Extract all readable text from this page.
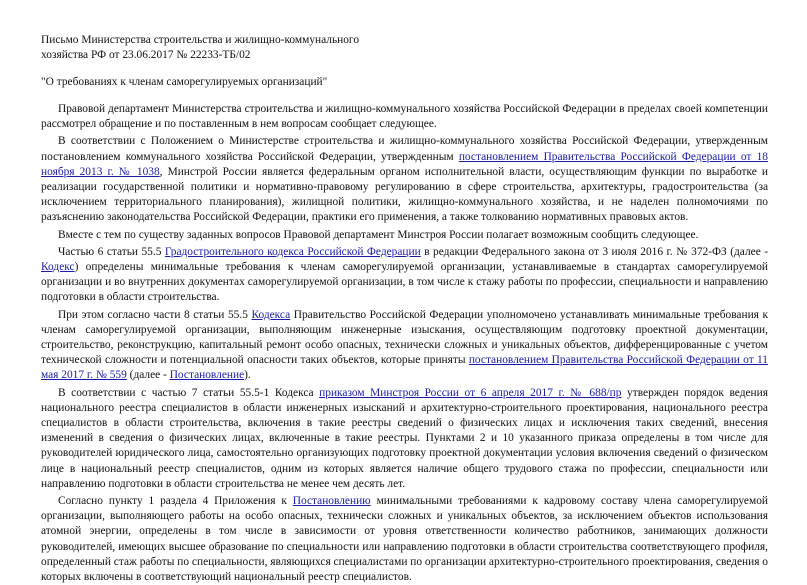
Письмо Министерства строительства и жилищно-коммунального
хозяйства РФ от 23.06.2017 № 22233-ТБ/02

"О требованиях к членам саморегулируемых организаций"

Правовой департамент Министерства строительства и жилищно-коммунального хозяйства Российской Федерации в пределах своей компетенции рассмотрел обращение и по поставленным в нем вопросам сообщает следующее.

В соответствии с Положением о Министерстве строительства и жилищно-коммунального хозяйства Российской Федерации, утвержденным постановлением коммунального хозяйства Российской Федерации, утвержденным постановлением Правительства Российской Федерации от 18 ноября 2013 г. № 1038, Минстрой России является федеральным органом исполнительной власти, осуществляющим функции по выработке и реализации государственной политики и нормативно-правовому регулированию в сфере строительства, архитектуры, градостроительства (за исключением территориального планирования), жилищной политики, жилищно-коммунального хозяйства, и не наделен полномочиями по разъяснению законодательства Российской Федерации, практики его применения, а также толкованию нормативных правовых актов.

Вместе с тем по существу заданных вопросов Правовой департамент Минстроя России полагает возможным сообщить следующее.

Частью 6 статьи 55.5 Градостроительного кодекса Российской Федерации в редакции Федерального закона от 3 июля 2016 г. № 372-ФЗ (далее - Кодекс) определены минимальные требования к членам саморегулируемой организации, устанавливаемые в стандартах саморегулируемой организации и во внутренних документах саморегулируемой организации, в том числе к стажу работы по профессии, специальности и направлению подготовки в области строительства.

При этом согласно части 8 статьи 55.5 Кодекса Правительство Российской Федерации уполномочено устанавливать минимальные требования к членам саморегулируемой организации, выполняющим инженерные изыскания, осуществляющим подготовку проектной документации, строительство, реконструкцию, капитальный ремонт особо опасных, технически сложных и уникальных объектов, дифференцированные с учетом технической сложности и потенциальной опасности таких объектов, которые приняты постановлением Правительства Российской Федерации от 11 мая 2017 г. № 559 (далее - Постановление).

В соответствии с частью 7 статьи 55.5-1 Кодекса приказом Минстроя России от 6 апреля 2017 г. № 688/пр утвержден порядок ведения национального реестра специалистов в области инженерных изысканий и архитектурно-строительного проектирования, национального реестра специалистов в области строительства, включения в такие реестры сведений о физических лицах и исключения таких сведений, внесения изменений в сведения о физических лицах, включенные в такие реестры. Пунктами 2 и 10 указанного приказа определены в том числе для руководителей юридического лица, самостоятельно организующих подготовку проектной документации условия включения сведений о физическом лице в национальный реестр специалистов, одним из которых является наличие общего трудового стажа по профессии, специальности или направлению подготовки в области строительства не менее чем десять лет.

Согласно пункту 1 раздела 4 Приложения к Постановлению минимальными требованиями к кадровому составу члена саморегулируемой организации, выполняющего работы на особо опасных, технически сложных и уникальных объектов, за исключением объектов использования атомной энергии, определены в том числе в зависимости от уровня ответственности количество работников, занимающих должности руководителей, имеющих высшее образование по специальности или направлению подготовки в области строительства соответствующего профиля, определенный стаж работы по специальности, являющихся специалистами по организации архитектурно-строительного проектирования, сведения о которых включены в соответствующий национальный реестр специалистов.
